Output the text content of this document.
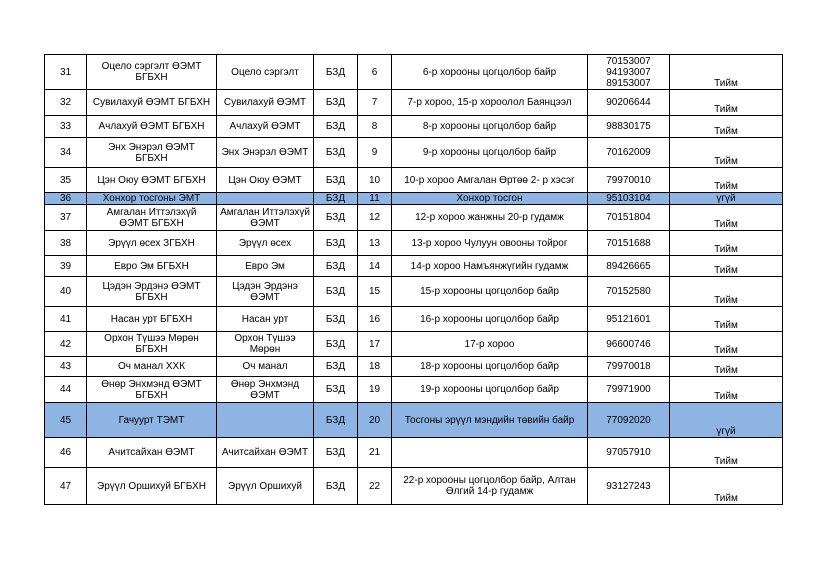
31	Оцело сэргэлт ӨЭМТ БГБХН	Оцело сэргэлт	БЗД	6	6-р хорооны цогцолбор байр	70153007
94193007
89153007	Тийм
32	Сувилахуй ӨЭМТ БГБХН	Сувилахуй ӨЭМТ	БЗД	7	7-р хороо, 15-р хороолол Баянцээл	90206644	Тийм
33	Ачлахуй ӨЭМТ БГБХН	Ачлахуй ӨЭМТ	БЗД	8	8-р хорооны цогцолбор байр	98830175	Тийм
34	Энх Энэрэл ӨЭМТ БГБХН	Энх Энэрэл ӨЭМТ	БЗД	9	9-р хорооны цогцолбор байр	70162009	Тийм
35	Цэн Оюу ӨЭМТ БГБХН	Цэн Оюу ӨЭМТ	БЗД	10	10-р хороо Амгалан Өртөө 2- р хэсэг	79970010	Тийм
36	Хонхор тосгоны ЭМТ		БЗД	11	Хонхор тосгон	95103104	үгүй
37	Амгалан Иттэлэхүй ӨЭМТ БГБХН	Амгалан Иттэлэхүй ӨЭМТ	БЗД	12	12-р хороо жанжны 20-р гудамж	70151804	Тийм
38	Эрүүл өсех ЗГБХН	Эрүүл өсех	БЗД	13	13-р хороо Чулуун овооны тойрог	70151688	Тийм
39	Евро Эм БГБХН	Евро Эм	БЗД	14	14-р хороо Намъянжүгийн гудамж	89426665	Тийм
40	Цэдэн Эрдэнэ ӨЭМТ БГБХН	Цэдэн Эрдэнэ ӨЭМТ	БЗД	15	15-р хорооны цогцолбор байр	70152580	Тийм
41	Насан урт БГБХН	Насан урт	БЗД	16	16-р хорооны цогцолбор байр	95121601	Тийм
42	Орхон Түшээ Мөрөн БГБХН	Орхон Түшээ Мөрөн	БЗД	17	17-р хороо	96600746	Тийм
43	Оч манал ХХК	Оч манал	БЗД	18	18-р хорооны цогцолбор байр	79970018	Тийм
44	Өнөр Энхмэнд ӨЭМТ БГБХН	Өнөр Энхмэнд ӨЭМТ	БЗД	19	19-р хорооны цогцолбор байр	79971900	Тийм
45	Гачуурт ТЭМТ		БЗД	20	Тосгоны эрүүл мэндийн төвийн байр	77092020	үгүй
46	Ачитсайхан ӨЭМТ	Ачитсайхан ӨЭМТ	БЗД	21		97057910	Тийм
47	Эрүүл Оршихуй БГБХН	Эрүүл Оршихуй	БЗД	22	22-р хорооны цогцолбор байр, Алтан Өлгий 14-р гудамж	93127243	Тийм
